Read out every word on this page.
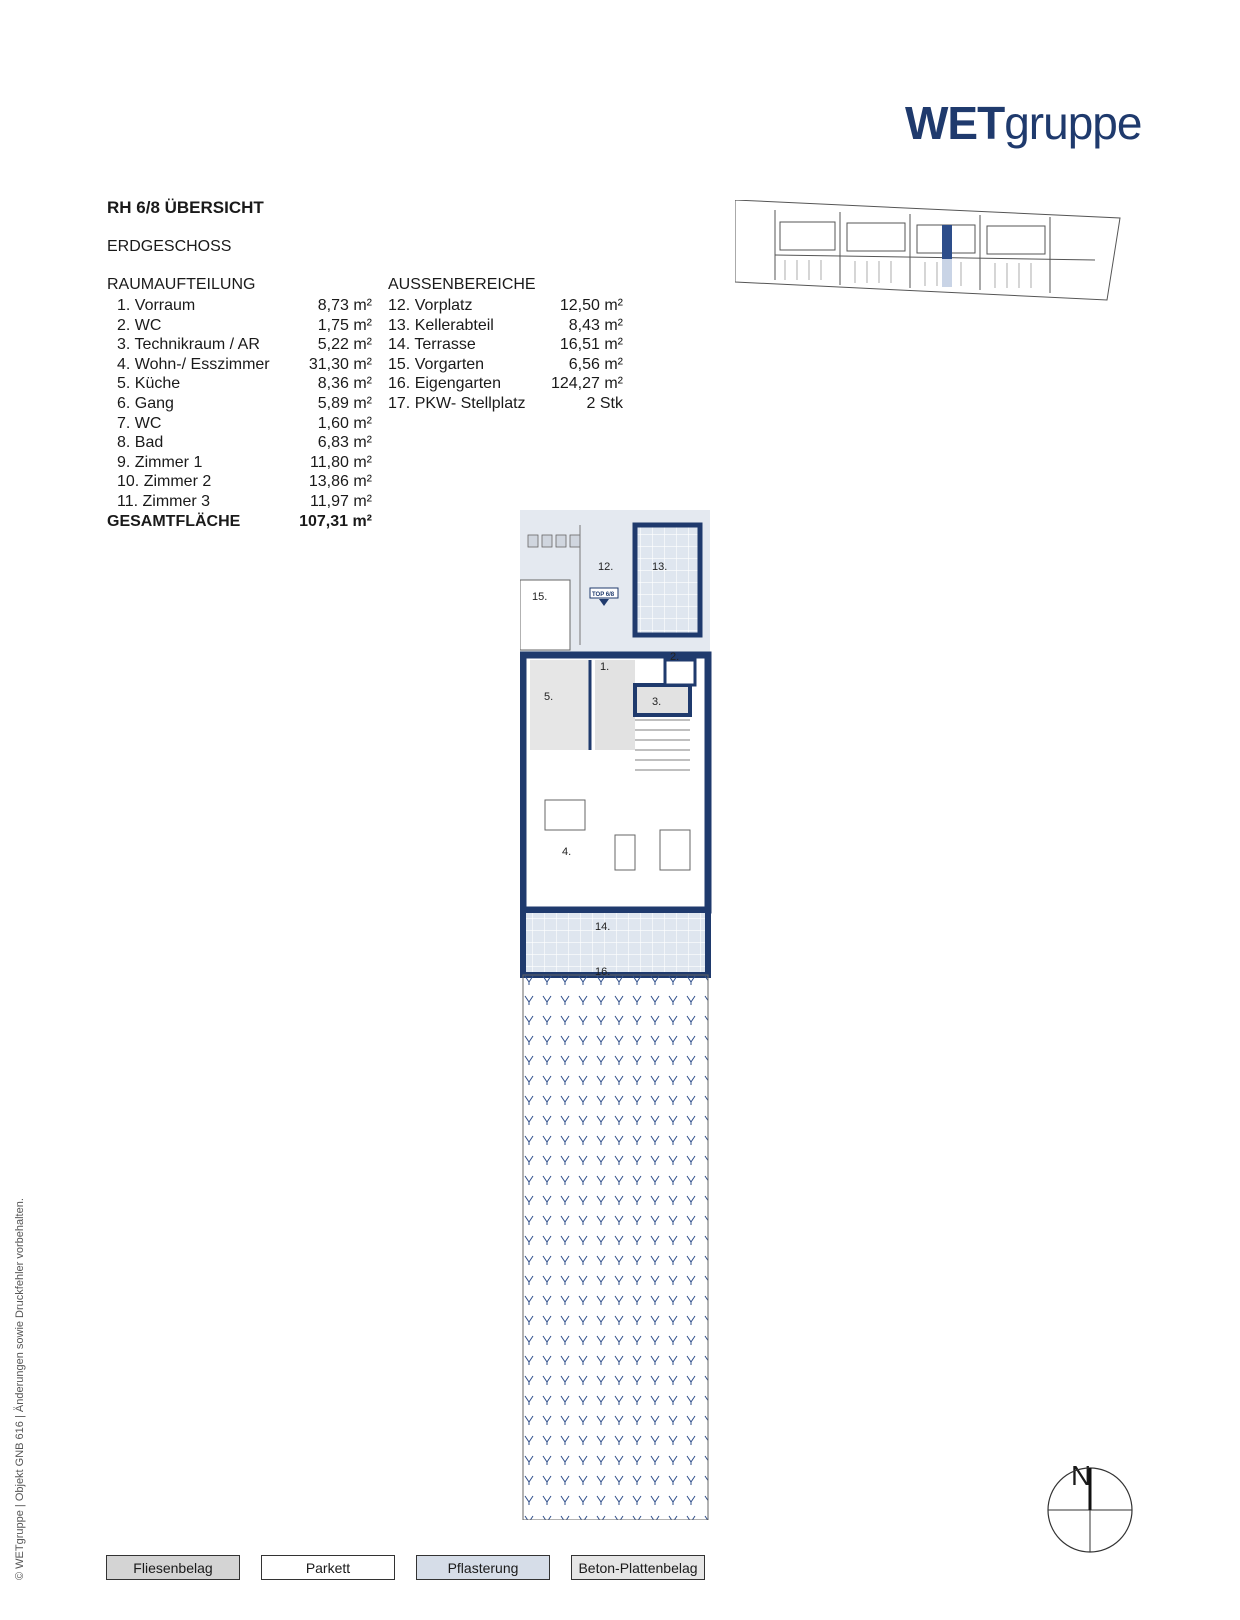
WETgruppe
RH 6/8 ÜBERSICHT
ERDGESCHOSS
RAUMAUFTEILUNG	AUSSENBEREICHE
1. Vorraum	8,73 m²
2. WC	1,75 m²
3. Technikraum / AR	5,22 m²
4. Wohn-/ Esszimmer 31,30 m²
5. Küche	8,36 m²
6. Gang	5,89 m²
7. WC	1,60 m²
8. Bad	6,83 m²
9. Zimmer 1	11,80 m²
10. Zimmer 2	13,86 m²
11. Zimmer 3	11,97 m²
GESAMTFLÄCHE	107,31 m²
12. Vorplatz	12,50 m²
13. Kellerabteil	8,43 m²
14. Terrasse	16,51 m²
15. Vorgarten	6,56 m²
16. Eigengarten	124,27 m²
17. PKW- Stellplatz	2 Stk
12.	13.
15.
1.
2.
3.
5.
4.
14.
16.
TOP 6/8
© WETgruppe | Objekt GNB 616 | Änderungen sowie Druckfehler vorbehalten.	N
Fliesenbelag	Parkett	Pflasterung	Beton-Plattenbelag
